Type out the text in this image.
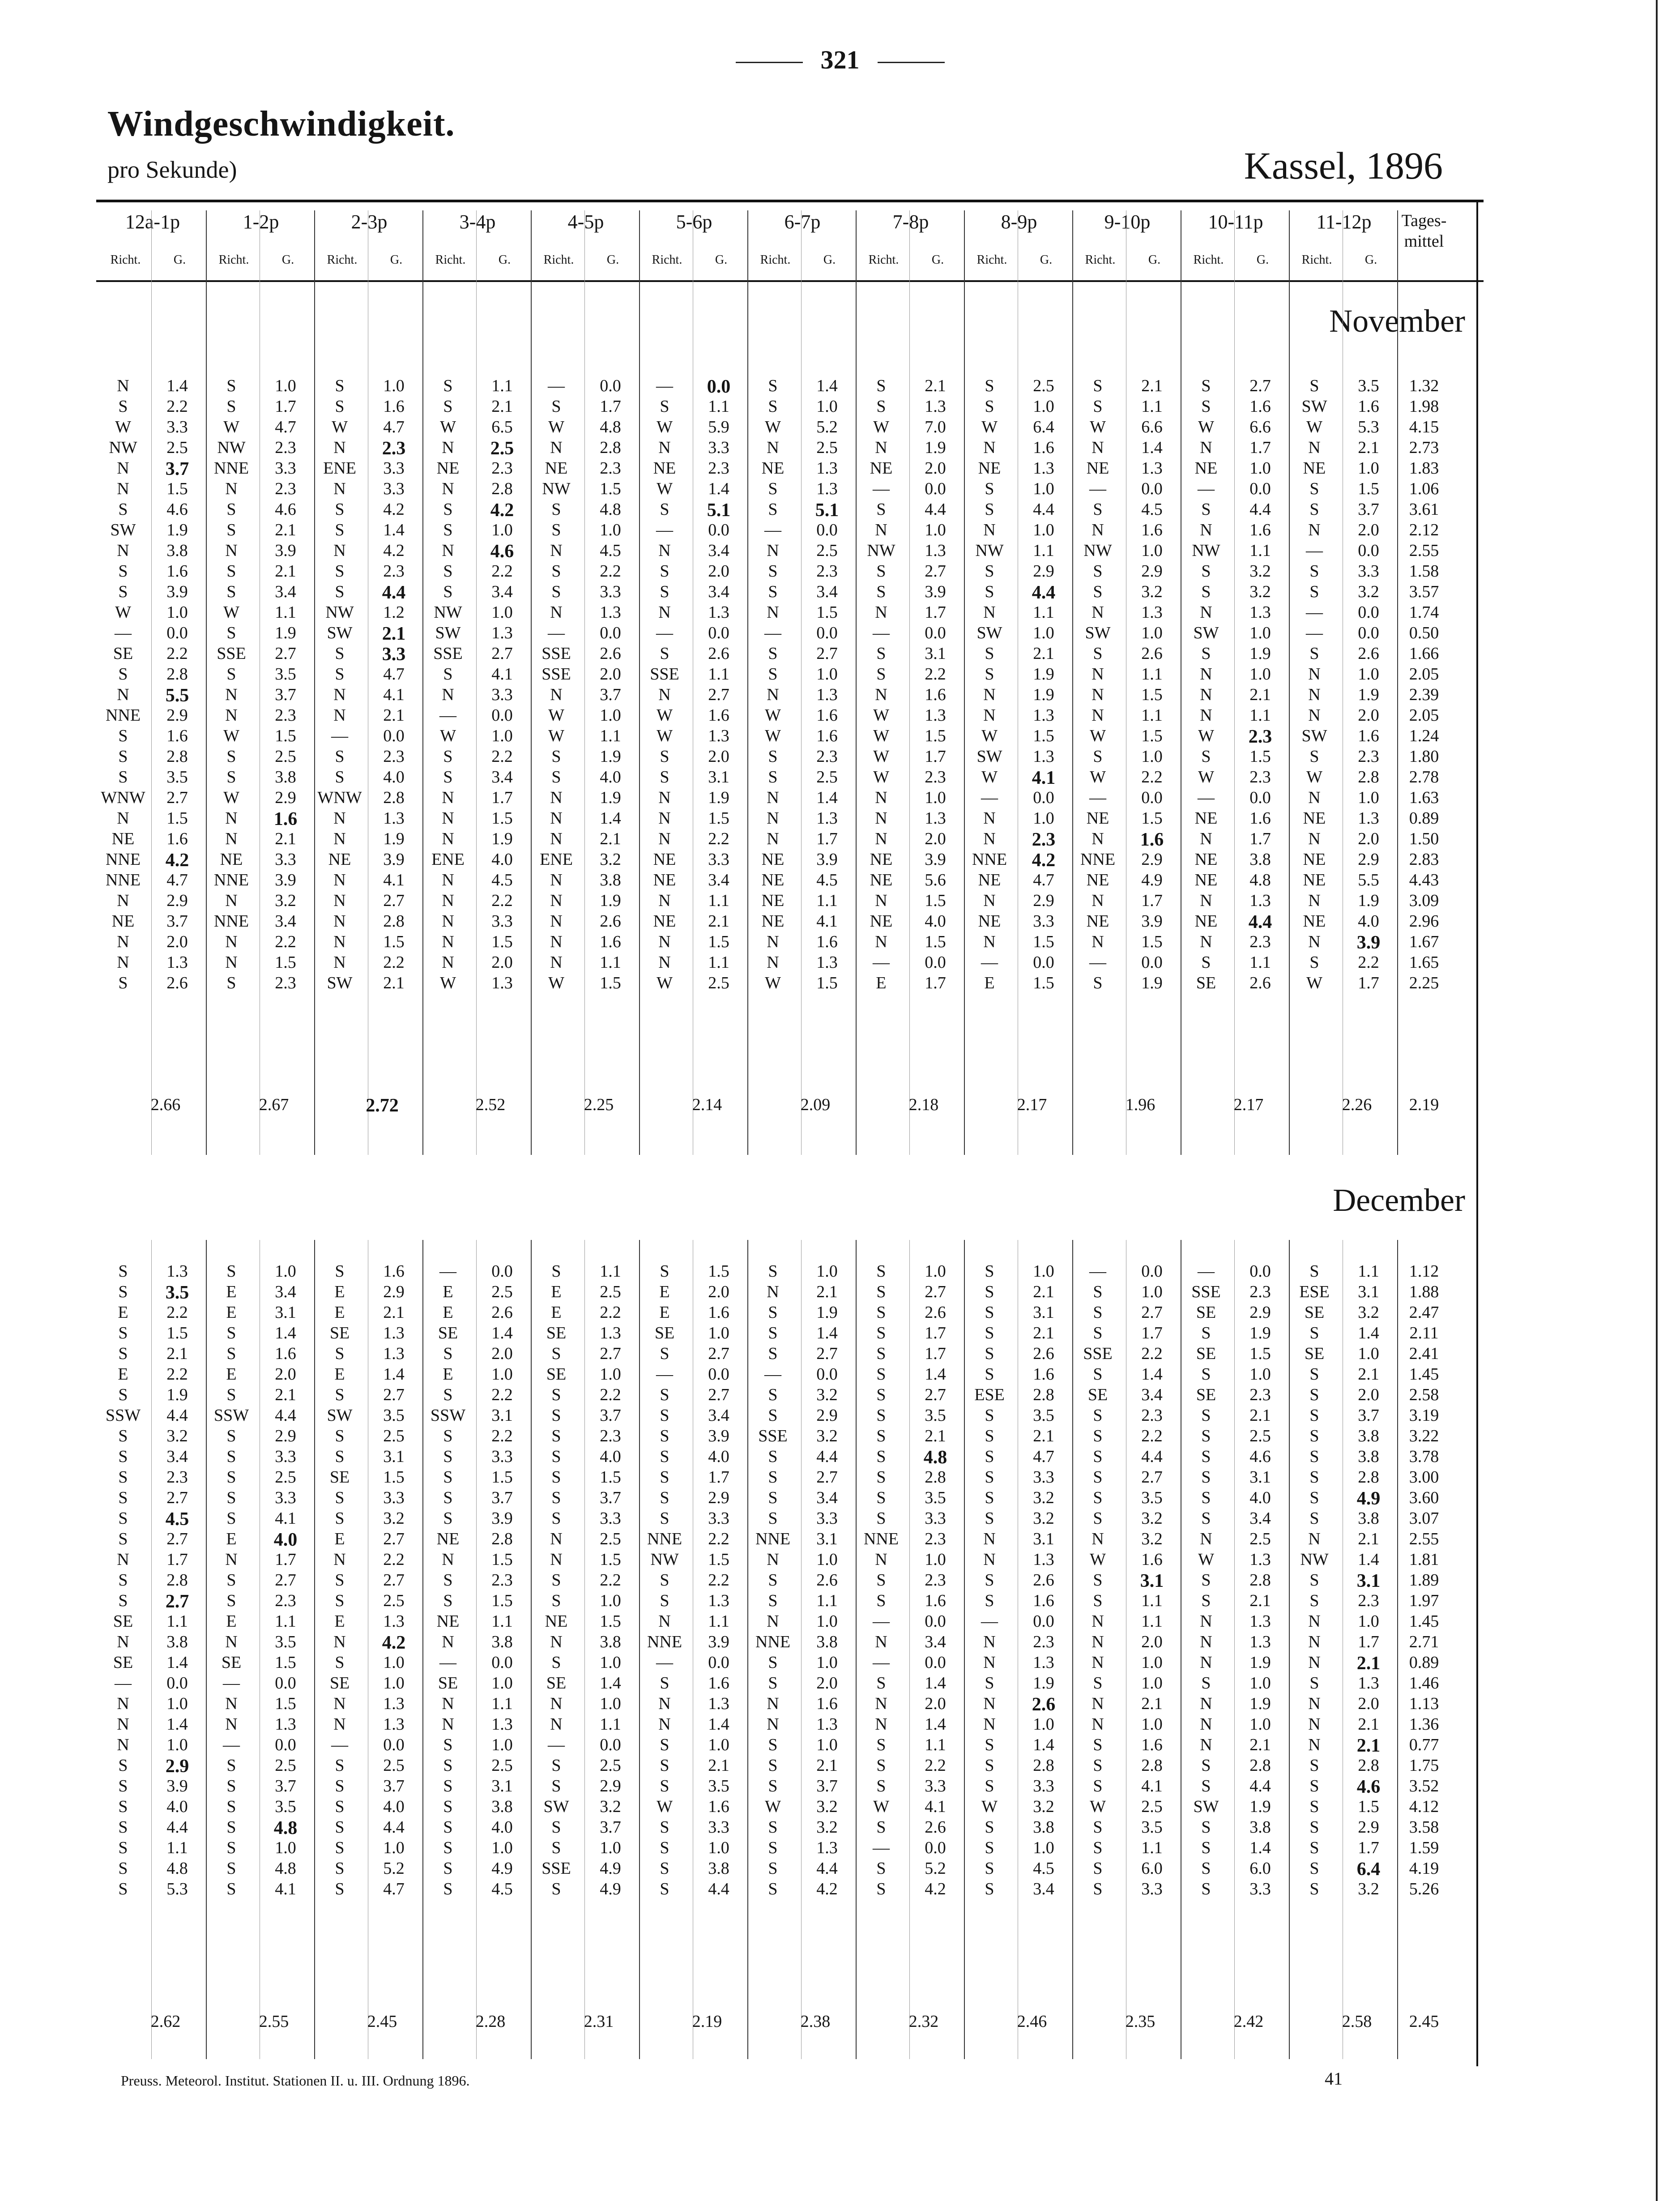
321
Windgeschwindigkeit.
pro Sekunde)	Kassel, 1896
12a-1p
Richt.	G.
1-2p
Richt.	G.
2-3p
Richt.	G.
3-4p
Richt.	G.
4-5p
Richt.	G.
5-6p
Richt.	G.
6-7p
Richt.	G.
7-8p
Richt.	G.
8-9p
Richt.	G.
9-10p
Richt.	G.
10-11p
Richt.	G.
11-12p
Richt.	G.
Tages-mittel
November
N	1.4	S	1.0	S	1.0	S	1.1	—	0.0	—	0.0	S	1.4	S	2.1	S	2.5	S	2.1	S	2.7	S	3.5	1.32
S	2.2	S	1.7	S	1.6	S	2.1	S	1.7	S	1.1	S	1.0	S	1.3	S	1.0	S	1.1	S	1.6	SW	1.6	1.98
W	3.3	W	4.7	W	4.7	W	6.5	W	4.8	W	5.9	W	5.2	W	7.0	W	6.4	W	6.6	W	6.6	W	5.3	4.15
NW	2.5	NW	2.3	N	2.3	N	2.5	N	2.8	N	3.3	N	2.5	N	1.9	N	1.6	N	1.4	N	1.7	N	2.1	2.73
N	3.7	NNE	3.3	ENE	3.3	NE	2.3	NE	2.3	NE	2.3	NE	1.3	NE	2.0	NE	1.3	NE	1.3	NE	1.0	NE	1.0	1.83
N	1.5	N	2.3	N	3.3	N	2.8	NW	1.5	W	1.4	S	1.3	—	0.0	S	1.0	—	0.0	—	0.0	S	1.5	1.06
S	4.6	S	4.6	S	4.2	S	4.2	S	4.8	S	5.1	S	5.1	S	4.4	S	4.4	S	4.5	S	4.4	S	3.7	3.61
SW	1.9	S	2.1	S	1.4	S	1.0	S	1.0	—	0.0	—	0.0	N	1.0	N	1.0	N	1.6	N	1.6	N	2.0	2.12
N	3.8	N	3.9	N	4.2	N	4.6	N	4.5	N	3.4	N	2.5	NW	1.3	NW	1.1	NW	1.0	NW	1.1	—	0.0	2.55
S	1.6	S	2.1	S	2.3	S	2.2	S	2.2	S	2.0	S	2.3	S	2.7	S	2.9	S	2.9	S	3.2	S	3.3	1.58
S	3.9	S	3.4	S	4.4	S	3.4	S	3.3	S	3.4	S	3.4	S	3.9	S	4.4	S	3.2	S	3.2	S	3.2	3.57
W	1.0	W	1.1	NW	1.2	NW	1.0	N	1.3	N	1.3	N	1.5	N	1.7	N	1.1	N	1.3	N	1.3	—	0.0	1.74
—	0.0	S	1.9	SW	2.1	SW	1.3	—	0.0	—	0.0	—	0.0	—	0.0	SW	1.0	SW	1.0	SW	1.0	—	0.0	0.50
SE	2.2	SSE	2.7	S	3.3	SSE	2.7	SSE	2.6	S	2.6	S	2.7	S	3.1	S	2.1	S	2.6	S	1.9	S	2.6	1.66
S	2.8	S	3.5	S	4.7	S	4.1	SSE	2.0	SSE	1.1	S	1.0	S	2.2	S	1.9	N	1.1	N	1.0	N	1.0	2.05
N	5.5	N	3.7	N	4.1	N	3.3	N	3.7	N	2.7	N	1.3	N	1.6	N	1.9	N	1.5	N	2.1	N	1.9	2.39
NNE	2.9	N	2.3	N	2.1	—	0.0	W	1.0	W	1.6	W	1.6	W	1.3	N	1.3	N	1.1	N	1.1	N	2.0	2.05
S	1.6	W	1.5	—	0.0	W	1.0	W	1.1	W	1.3	W	1.6	W	1.5	W	1.5	W	1.5	W	2.3	SW	1.6	1.24
S	2.8	S	2.5	S	2.3	S	2.2	S	1.9	S	2.0	S	2.3	W	1.7	SW	1.3	S	1.0	S	1.5	S	2.3	1.80
S	3.5	S	3.8	S	4.0	S	3.4	S	4.0	S	3.1	S	2.5	W	2.3	W	4.1	W	2.2	W	2.3	W	2.8	2.78
WNW	2.7	W	2.9	WNW	2.8	N	1.7	N	1.9	N	1.9	N	1.4	N	1.0	—	0.0	—	0.0	—	0.0	N	1.0	1.63
N	1.5	N	1.6	N	1.3	N	1.5	N	1.4	N	1.5	N	1.3	N	1.3	N	1.0	NE	1.5	NE	1.6	NE	1.3	0.89
NE	1.6	N	2.1	N	1.9	N	1.9	N	2.1	N	2.2	N	1.7	N	2.0	N	2.3	N	1.6	N	1.7	N	2.0	1.50
NNE	4.2	NE	3.3	NE	3.9	ENE	4.0	ENE	3.2	NE	3.3	NE	3.9	NE	3.9	NNE	4.2	NNE	2.9	NE	3.8	NE	2.9	2.83
NNE	4.7	NNE	3.9	N	4.1	N	4.5	N	3.8	NE	3.4	NE	4.5	NE	5.6	NE	4.7	NE	4.9	NE	4.8	NE	5.5	4.43
N	2.9	N	3.2	N	2.7	N	2.2	N	1.9	N	1.1	NE	1.1	N	1.5	N	2.9	N	1.7	N	1.3	N	1.9	3.09
NE	3.7	NNE	3.4	N	2.8	N	3.3	N	2.6	NE	2.1	NE	4.1	NE	4.0	NE	3.3	NE	3.9	NE	4.4	NE	4.0	2.96
N	2.0	N	2.2	N	1.5	N	1.5	N	1.6	N	1.5	N	1.6	N	1.5	N	1.5	N	1.5	N	2.3	N	3.9	1.67
N	1.3	N	1.5	N	2.2	N	2.0	N	1.1	N	1.1	N	1.3	—	0.0	—	0.0	—	0.0	S	1.1	S	2.2	1.65
S	2.6	S	2.3	SW	2.1	W	1.3	W	1.5	W	2.5	W	1.5	E	1.7	E	1.5	S	1.9	SE	2.6	W	1.7	2.25
2.66	2.67	2.72	2.52	2.25	2.14	2.09	2.18	2.17	1.96	2.17	2.26	2.19
December
S	1.3	S	1.0	S	1.6	—	0.0	S	1.1	S	1.5	S	1.0	S	1.0	S	1.0	—	0.0	—	0.0	S	1.1	1.12
S	3.5	E	3.4	E	2.9	E	2.5	E	2.5	E	2.0	N	2.1	S	2.7	S	2.1	S	1.0	SSE	2.3	ESE	3.1	1.88
E	2.2	E	3.1	E	2.1	E	2.6	E	2.2	E	1.6	S	1.9	S	2.6	S	3.1	S	2.7	SE	2.9	SE	3.2	2.47
S	1.5	S	1.4	SE	1.3	SE	1.4	SE	1.3	SE	1.0	S	1.4	S	1.7	S	2.1	S	1.7	S	1.9	S	1.4	2.11
S	2.1	S	1.6	S	1.3	S	2.0	S	2.7	S	2.7	S	2.7	S	1.7	S	2.6	SSE	2.2	SE	1.5	SE	1.0	2.41
E	2.2	E	2.0	E	1.4	E	1.0	SE	1.0	—	0.0	—	0.0	S	1.4	S	1.6	S	1.4	S	1.0	S	2.1	1.45
S	1.9	S	2.1	S	2.7	S	2.2	S	2.2	S	2.7	S	3.2	S	2.7	ESE	2.8	SE	3.4	SE	2.3	S	2.0	2.58
SSW	4.4	SSW	4.4	SW	3.5	SSW	3.1	S	3.7	S	3.4	S	2.9	S	3.5	S	3.5	S	2.3	S	2.1	S	3.7	3.19
S	3.2	S	2.9	S	2.5	S	2.2	S	2.3	S	3.9	SSE	3.2	S	2.1	S	2.1	S	2.2	S	2.5	S	3.8	3.22
S	3.4	S	3.3	S	3.1	S	3.3	S	4.0	S	4.0	S	4.4	S	4.8	S	4.7	S	4.4	S	4.6	S	3.8	3.78
S	2.3	S	2.5	SE	1.5	S	1.5	S	1.5	S	1.7	S	2.7	S	2.8	S	3.3	S	2.7	S	3.1	S	2.8	3.00
S	2.7	S	3.3	S	3.3	S	3.7	S	3.7	S	2.9	S	3.4	S	3.5	S	3.2	S	3.5	S	4.0	S	4.9	3.60
S	4.5	S	4.1	S	3.2	S	3.9	S	3.3	S	3.3	S	3.3	S	3.3	S	3.2	S	3.2	S	3.4	S	3.8	3.07
S	2.7	E	4.0	E	2.7	NE	2.8	N	2.5	NNE	2.2	NNE	3.1	NNE	2.3	N	3.1	N	3.2	N	2.5	N	2.1	2.55
N	1.7	N	1.7	N	2.2	N	1.5	N	1.5	NW	1.5	N	1.0	N	1.0	N	1.3	W	1.6	W	1.3	NW	1.4	1.81
S	2.8	S	2.7	S	2.7	S	2.3	S	2.2	S	2.2	S	2.6	S	2.3	S	2.6	S	3.1	S	2.8	S	3.1	1.89
S	2.7	S	2.3	S	2.5	S	1.5	S	1.0	S	1.3	S	1.1	S	1.6	S	1.6	S	1.1	S	2.1	S	2.3	1.97
SE	1.1	E	1.1	E	1.3	NE	1.1	NE	1.5	N	1.1	N	1.0	—	0.0	—	0.0	N	1.1	N	1.3	N	1.0	1.45
N	3.8	N	3.5	N	4.2	N	3.8	N	3.8	NNE	3.9	NNE	3.8	N	3.4	N	2.3	N	2.0	N	1.3	N	1.7	2.71
SE	1.4	SE	1.5	S	1.0	—	0.0	S	1.0	—	0.0	S	1.0	—	0.0	N	1.3	N	1.0	N	1.9	N	2.1	0.89
—	0.0	—	0.0	SE	1.0	SE	1.0	SE	1.4	S	1.6	S	2.0	S	1.4	S	1.9	S	1.0	S	1.0	S	1.3	1.46
N	1.0	N	1.5	N	1.3	N	1.1	N	1.0	N	1.3	N	1.6	N	2.0	N	2.6	N	2.1	N	1.9	N	2.0	1.13
N	1.4	N	1.3	N	1.3	N	1.3	N	1.1	N	1.4	N	1.3	N	1.4	N	1.0	N	1.0	N	1.0	N	2.1	1.36
N	1.0	—	0.0	—	0.0	S	1.0	—	0.0	S	1.0	S	1.0	S	1.1	S	1.4	S	1.6	N	2.1	N	2.1	0.77
S	2.9	S	2.5	S	2.5	S	2.5	S	2.5	S	2.1	S	2.1	S	2.2	S	2.8	S	2.8	S	2.8	S	2.8	1.75
S	3.9	S	3.7	S	3.7	S	3.1	S	2.9	S	3.5	S	3.7	S	3.3	S	3.3	S	4.1	S	4.4	S	4.6	3.52
S	4.0	S	3.5	S	4.0	S	3.8	SW	3.2	W	1.6	W	3.2	W	4.1	W	3.2	W	2.5	SW	1.9	S	1.5	4.12
S	4.4	S	4.8	S	4.4	S	4.0	S	3.7	S	3.3	S	3.2	S	2.6	S	3.8	S	3.5	S	3.8	S	2.9	3.58
S	1.1	S	1.0	S	1.0	S	1.0	S	1.0	S	1.0	S	1.3	—	0.0	S	1.0	S	1.1	S	1.4	S	1.7	1.59
S	4.8	S	4.8	S	5.2	S	4.9	SSE	4.9	S	3.8	S	4.4	S	5.2	S	4.5	S	6.0	S	6.0	S	6.4	4.19
S	5.3	S	4.1	S	4.7	S	4.5	S	4.9	S	4.4	S	4.2	S	4.2	S	3.4	S	3.3	S	3.3	S	3.2	5.26
2.62	2.55	2.45	2.28	2.31	2.19	2.38	2.32	2.46	2.35	2.42	2.58	2.45
Preuss. Meteorol. Institut. Stationen II. u. III. Ordnung 1896.	41
